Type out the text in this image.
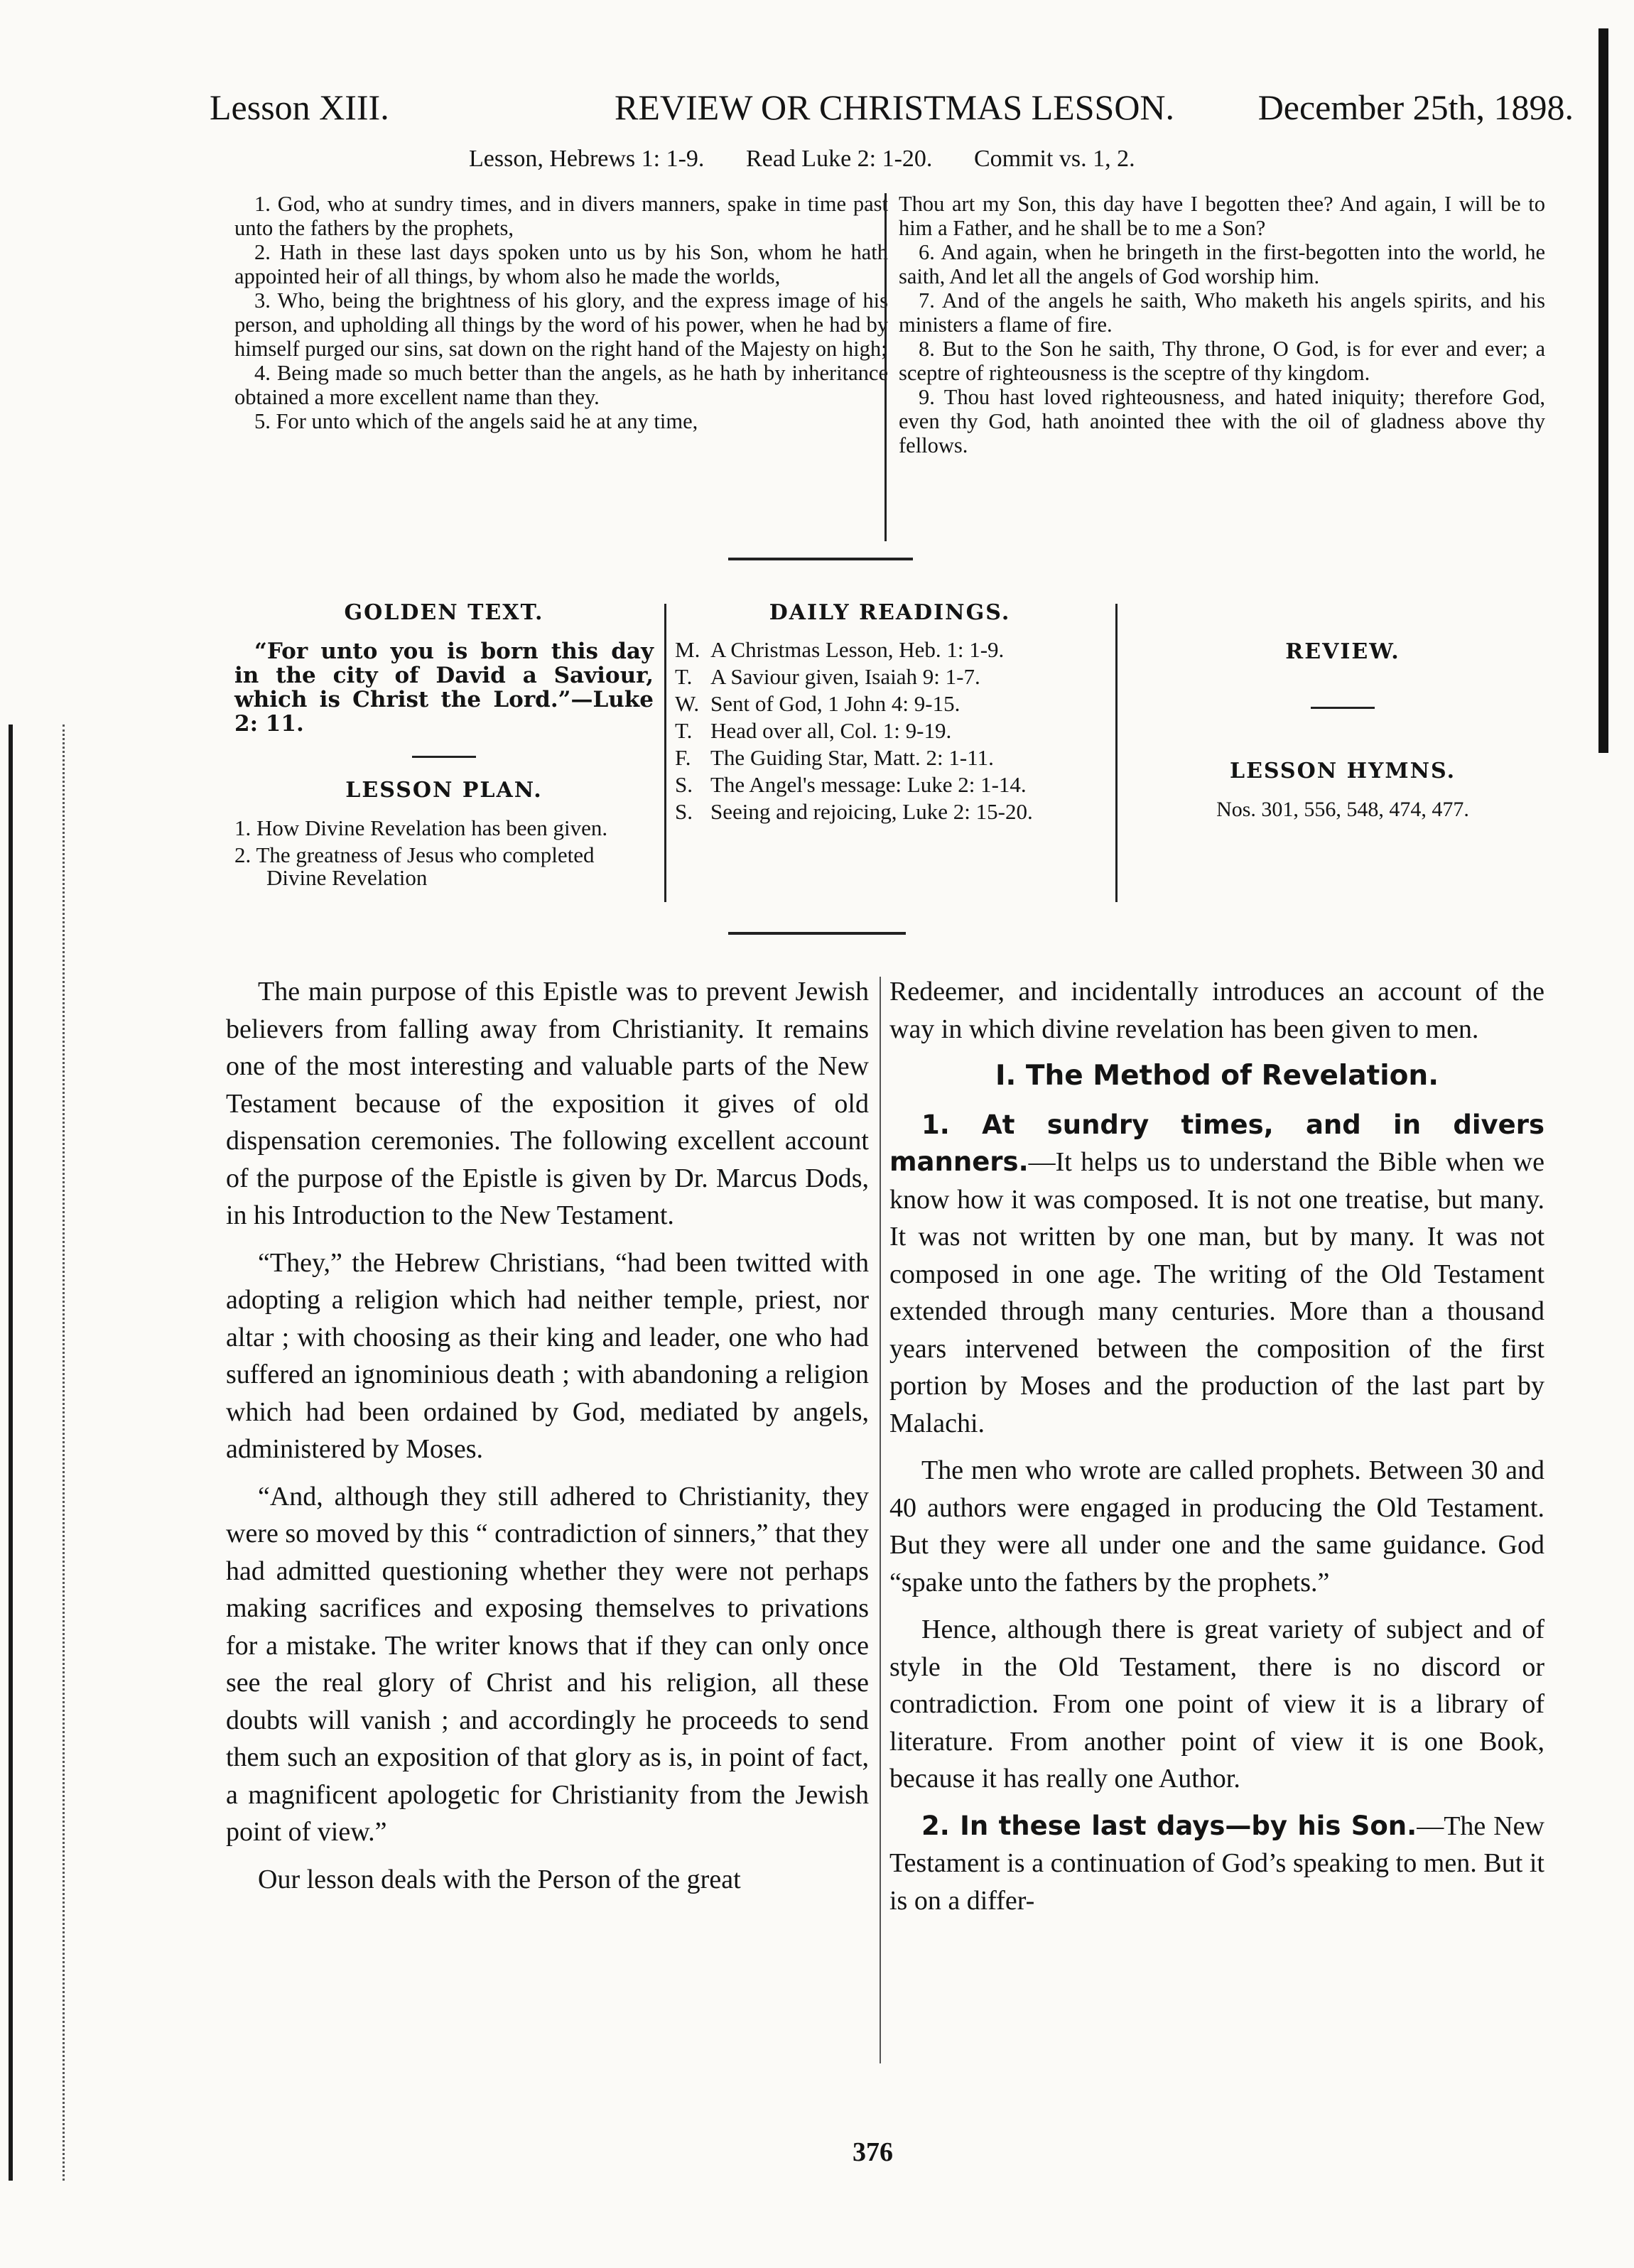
Lesson XIII.	REVIEW OR CHRISTMAS LESSON. December 25th, 1898.
Lesson, Hebrews 1: 1-9. Read Luke 2: 1-20. Commit vs. 1, 2.

1. God, who at sundry times, and in divers manners, spake in time past unto the fathers by the prophets,

2. Hath in these last days spoken unto us by his Son, whom he hath appointed heir of all things, by whom also he made the worlds,

3. Who, being the brightness of his glory, and the express image of his person, and upholding all things by the word of his power, when he had by himself purged our sins, sat down on the right hand of the Majesty on high;

4. Being made so much better than the angels, as he hath by inheritance obtained a more excellent name than they.

5. For unto which of the angels said he at any time,

Thou art my Son, this day have I begotten thee? And again, I will be to him a Father, and he shall be to me a Son?

6. And again, when he bringeth in the first-begotten into the world, he saith, And let all the angels of God worship him.

7. And of the angels he saith, Who maketh his angels spirits, and his ministers a flame of fire.

8. But to the Son he saith, Thy throne, O God, is for ever and ever; a sceptre of righteousness is the sceptre of thy kingdom.

9. Thou hast loved righteousness, and hated iniquity; therefore God, even thy God, hath anointed thee with the oil of gladness above thy fellows.

GOLDEN TEXT.

“For unto you is born this day in the city of David a Saviour, which is Christ the Lord.”—Luke 2: 11.

LESSON PLAN.

1. How Divine Revelation has been given.

2. The greatness of Jesus who completed Divine Revelation

DAILY READINGS.

M. A Christmas Lesson, Heb. 1: 1-9.
T. A Saviour given, Isaiah 9: 1-7.
W. Sent of God, 1 John 4: 9-15.
T. Head over all, Col. 1: 9-19.
F. The Guiding Star, Matt. 2: 1-11.
S. The Angel's message: Luke 2: 1-14.
S. Seeing and rejoicing, Luke 2: 15-20.

REVIEW.

LESSON HYMNS.

Nos. 301, 556, 548, 474, 477.

The main purpose of this Epistle was to prevent Jewish believers from falling away from Christianity. It remains one of the most interesting and valuable parts of the New Testament because of the exposition it gives of old dispensation ceremonies. The following excellent account of the purpose of the Epistle is given by Dr. Marcus Dods, in his Introduction to the New Testament.

“They,” the Hebrew Christians, “had been twitted with adopting a religion which had neither temple, priest, nor altar ; with choosing as their king and leader, one who had suffered an ignominious death ; with abandoning a religion which had been ordained by God, mediated by angels, administered by Moses.

“And, although they still adhered to Christianity, they were so moved by this “ contradiction of sinners,” that they had admitted questioning whether they were not perhaps making sacrifices and exposing themselves to privations for a mistake. The writer knows that if they can only once see the real glory of Christ and his religion, all these doubts will vanish ; and accordingly he proceeds to send them such an exposition of that glory as is, in point of fact, a magnificent apologetic for Christianity from the Jewish point of view.”

Our lesson deals with the Person of the great

Redeemer, and incidentally introduces an account of the way in which divine revelation has been given to men.

I. The Method of Revelation.

1. At sundry times, and in divers manners.—It helps us to understand the Bible when we know how it was composed. It is not one treatise, but many. It was not written by one man, but by many. It was not composed in one age. The writing of the Old Testament extended through many centuries. More than a thousand years intervened between the composition of the first portion by Moses and the production of the last part by Malachi.

The men who wrote are called prophets. Between 30 and 40 authors were engaged in producing the Old Testament. But they were all under one and the same guidance. God “spake unto the fathers by the prophets.”

Hence, although there is great variety of subject and of style in the Old Testament, there is no discord or contradiction. From one point of view it is a library of literature. From another point of view it is one Book, because it has really one Author.

2. In these last days—by his Son.—The New Testament is a continuation of God’s speaking to men. But it is on a differ-

376
